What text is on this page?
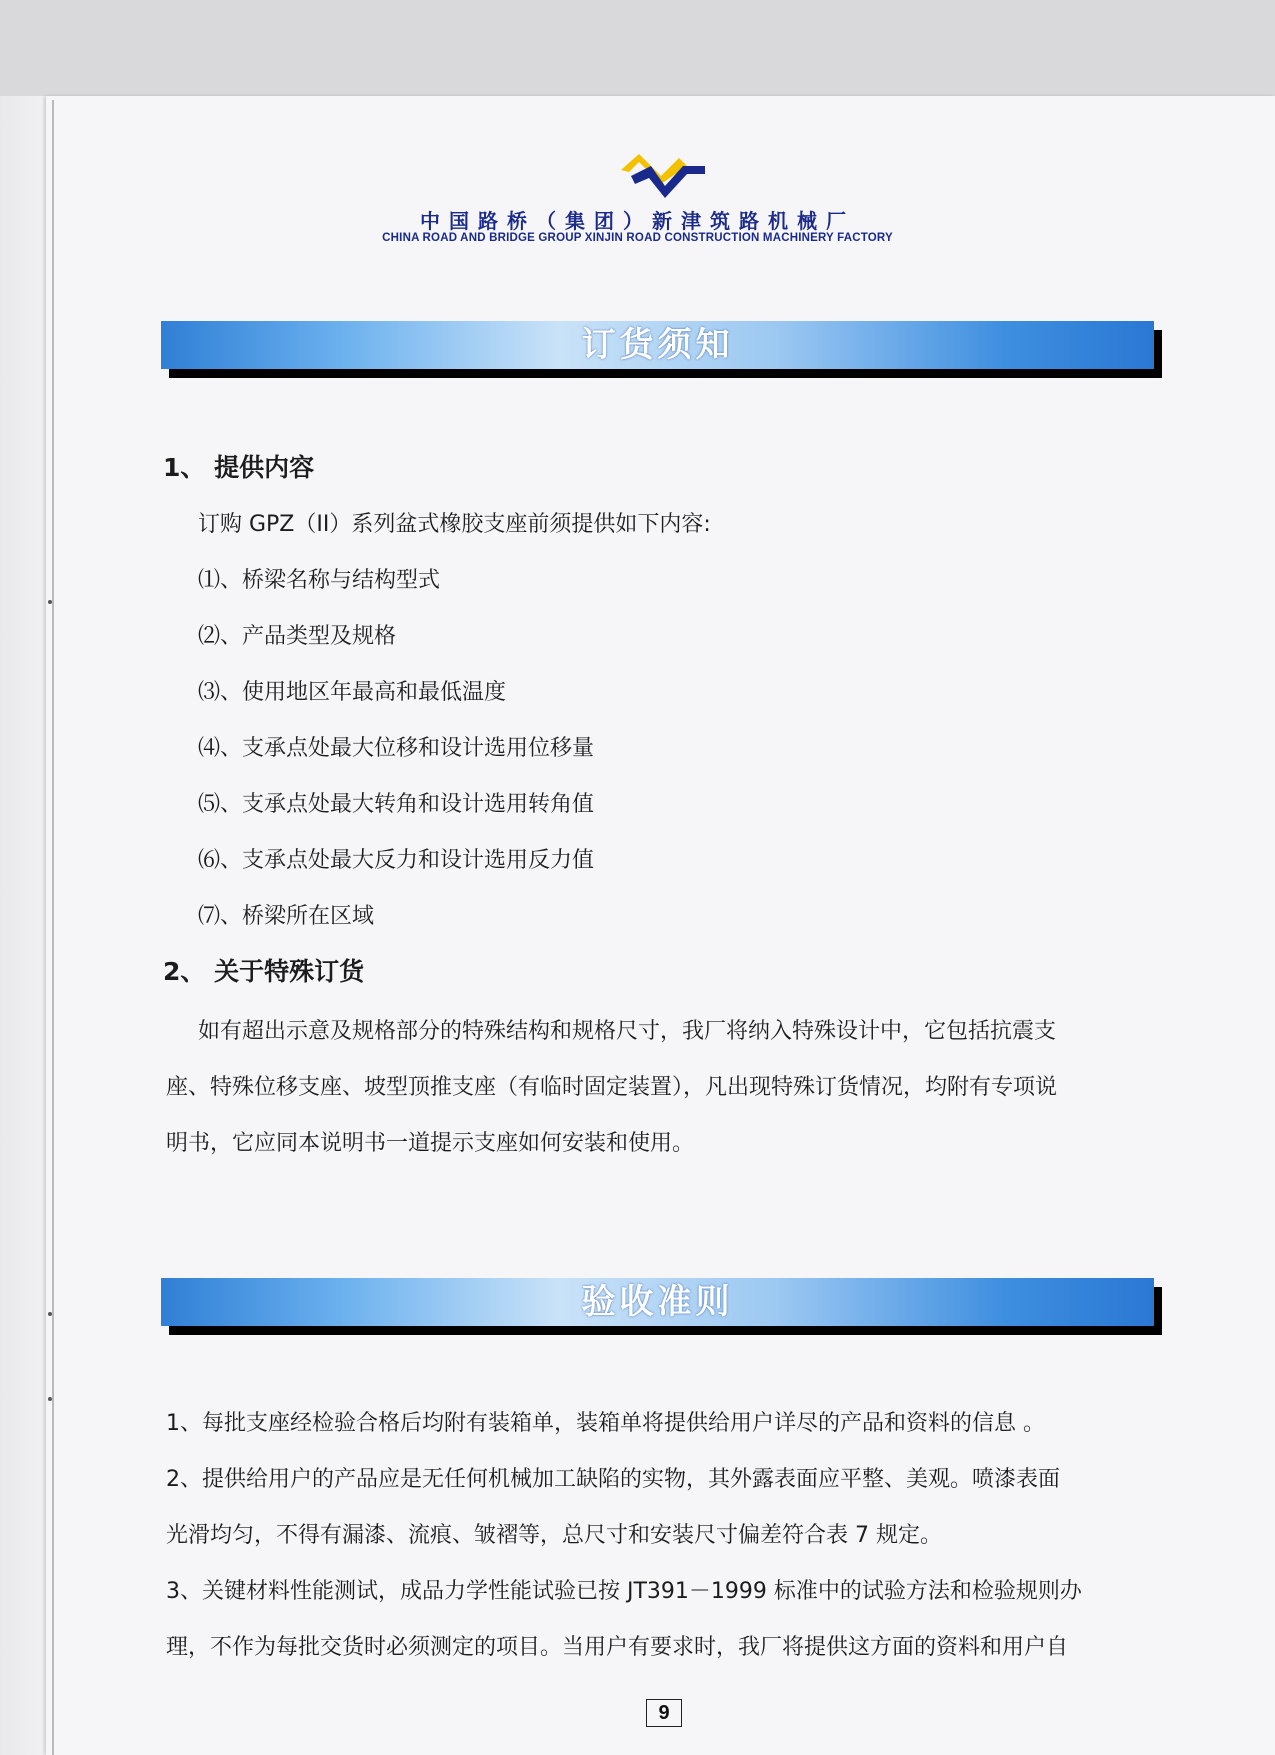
中国路桥（集团）新津筑路机械厂
CHINA ROAD AND BRIDGE GROUP XINJIN ROAD CONSTRUCTION MACHINERY FACTORY
订货须知
1、 提供内容
订购 GPZ（II）系列盆式橡胶支座前须提供如下内容:
⑴、桥梁名称与结构型式
⑵、产品类型及规格
⑶、使用地区年最高和最低温度
⑷、支承点处最大位移和设计选用位移量
⑸、支承点处最大转角和设计选用转角值
⑹、支承点处最大反力和设计选用反力值
⑺、桥梁所在区域
2、 关于特殊订货
如有超出示意及规格部分的特殊结构和规格尺寸，我厂将纳入特殊设计中，它包括抗震支
座、特殊位移支座、坡型顶推支座（有临时固定装置），凡出现特殊订货情况，均附有专项说
明书，它应同本说明书一道提示支座如何安装和使用。
验收准则
1、每批支座经检验合格后均附有装箱单，装箱单将提供给用户详尽的产品和资料的信息 。
2、提供给用户的产品应是无任何机械加工缺陷的实物，其外露表面应平整、美观。喷漆表面
光滑均匀，不得有漏漆、流痕、皱褶等，总尺寸和安装尺寸偏差符合表 7 规定。
3、关键材料性能测试，成品力学性能试验已按 JT391－1999 标准中的试验方法和检验规则办
理，不作为每批交货时必须测定的项目。当用户有要求时，我厂将提供这方面的资料和用户自
9
